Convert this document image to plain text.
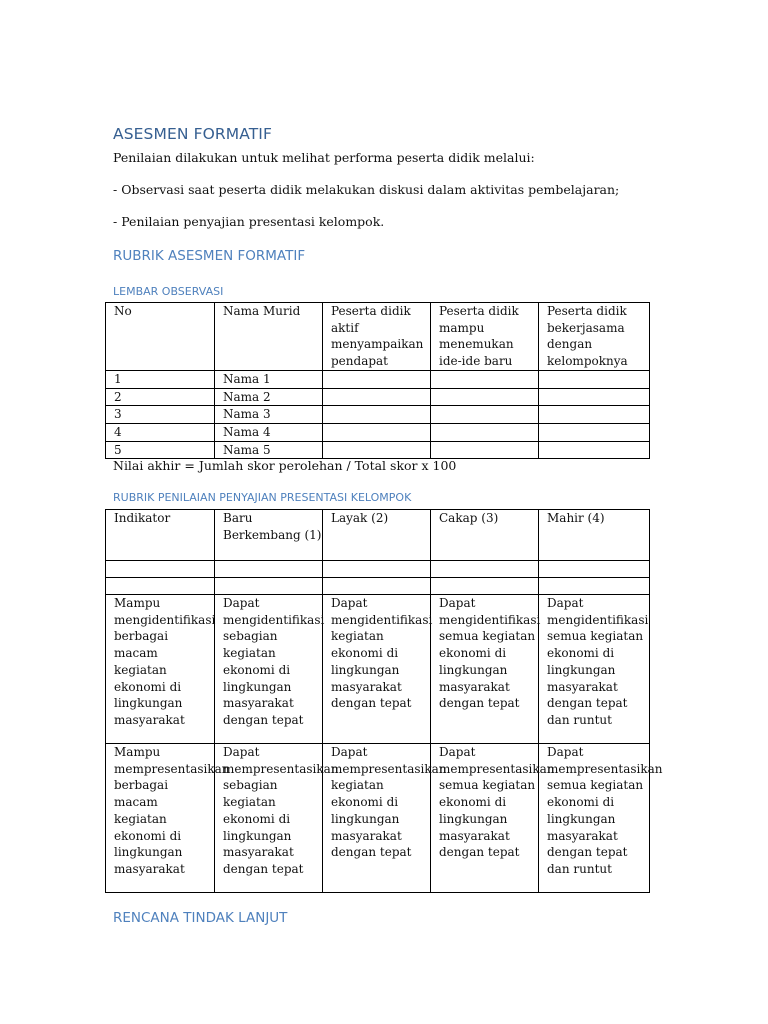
ASESMEN FORMATIF
Penilaian dilakukan untuk melihat performa peserta didik melalui:
- Observasi saat peserta didik melakukan diskusi dalam aktivitas pembelajaran;
- Penilaian penyajian presentasi kelompok.
RUBRIK ASESMEN FORMATIF
LEMBAR OBSERVASI
No	Nama Murid	Peserta didik aktif menyampaikan pendapat	Peserta didik mampu menemukan ide-ide baru	Peserta didik bekerjasama dengan kelompoknya
1	Nama 1			
2	Nama 2			
3	Nama 3			
4	Nama 4			
5	Nama 5			
Nilai akhir = Jumlah skor perolehan / Total skor x 100
RUBRIK PENILAIAN PENYAJIAN PRESENTASI KELOMPOK
Indikator	Baru Berkembang (1)	Layak (2)	Cakap (3)	Mahir (4)

Mampu mengidentifikasi berbagai macam kegiatan ekonomi di lingkungan masyarakat	Dapat mengidentifikasi sebagian kegiatan ekonomi di lingkungan masyarakat dengan tepat	Dapat mengidentifikasi kegiatan ekonomi di lingkungan masyarakat dengan tepat	Dapat mengidentifikasi semua kegiatan ekonomi di lingkungan masyarakat dengan tepat	Dapat mengidentifikasi semua kegiatan ekonomi di lingkungan masyarakat dengan tepat dan runtut
Mampu mempresentasikan berbagai macam kegiatan ekonomi di lingkungan masyarakat	Dapat mempresentasikan sebagian kegiatan ekonomi di lingkungan masyarakat dengan tepat	Dapat mempresentasikan kegiatan ekonomi di lingkungan masyarakat dengan tepat	Dapat mempresentasikan semua kegiatan ekonomi di lingkungan masyarakat dengan tepat	Dapat mempresentasikan semua kegiatan ekonomi di lingkungan masyarakat dengan tepat dan runtut
RENCANA TINDAK LANJUT
